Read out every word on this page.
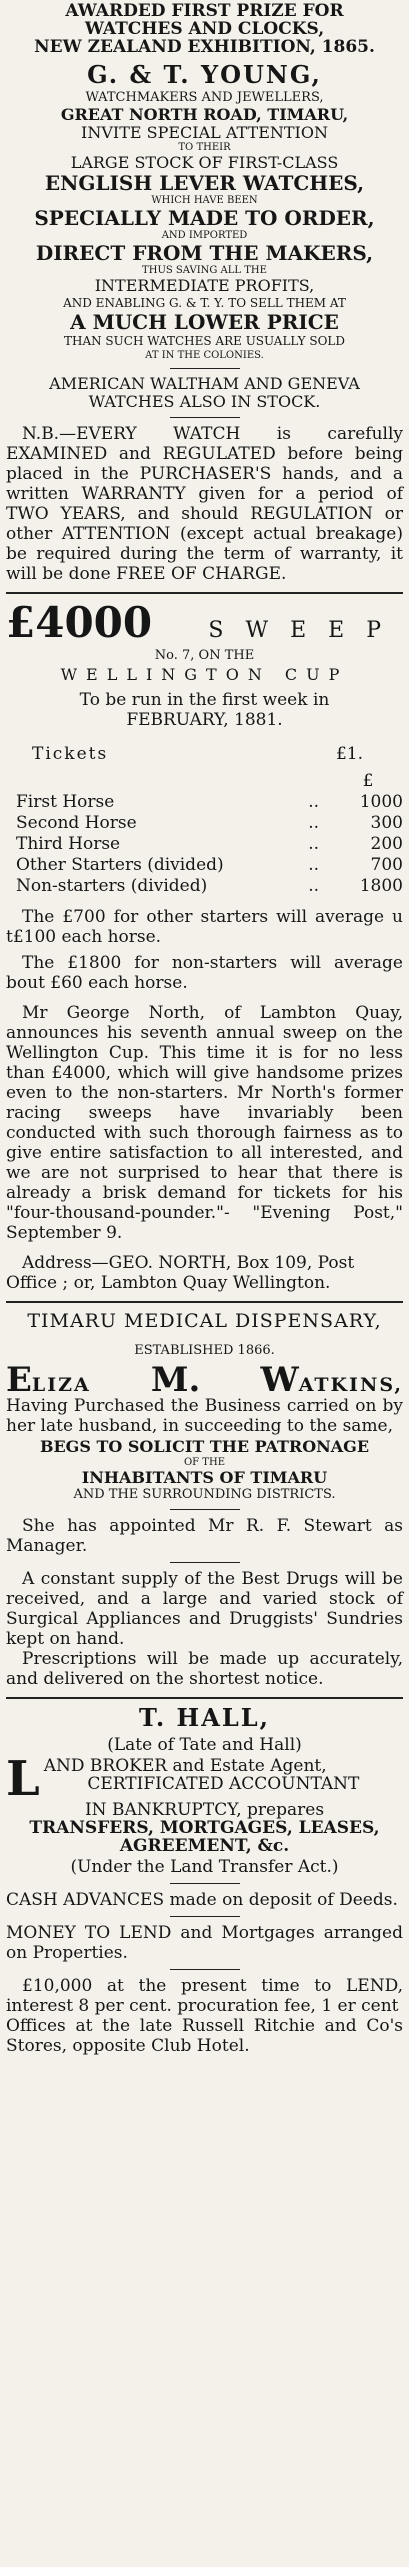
AWARDED FIRST PRIZE FOR
WATCHES AND CLOCKS,
NEW ZEALAND EXHIBITION, 1865.
G. & T. YOUNG,
WATCHMAKERS AND JEWELLERS,
GREAT NORTH ROAD, TIMARU,
INVITE SPECIAL ATTENTION
TO THEIR
LARGE STOCK OF FIRST-CLASS
ENGLISH LEVER WATCHES,
WHICH HAVE BEEN
SPECIALLY MADE TO ORDER,
AND IMPORTED
DIRECT FROM THE MAKERS,
THUS SAVING ALL THE
INTERMEDIATE PROFITS,
AND ENABLING G. & T. Y. TO SELL THEM AT
A MUCH LOWER PRICE
THAN SUCH WATCHES ARE USUALLY SOLD
AT IN THE COLONIES.
AMERICAN WALTHAM AND GENEVA
WATCHES ALSO IN STOCK.

N.B.—EVERY WATCH is carefully EXAMINED and REGULATED before being placed in the PURCHASER'S hands, and a written WARRANTY given for a period of TWO YEARS, and should REGULATION or other ATTENTION (except actual breakage) be required during the term of warranty, it will be done FREE OF CHARGE.

£4000	SWEEP
No. 7, ON THE
WELLINGTON CUP
To be run in the first week in
FEBRUARY, 1881.
Tickets	£1.
£
First Horse	..	1000
Second Horse	..	300
Third Horse	..	200
Other Starters (divided)	..	700
Non-starters (divided)	..	1800

The £700 for other starters will average u t£100 each horse.

The £1800 for non-starters will average bout £60 each horse.

Mr George North, of Lambton Quay, announces his seventh annual sweep on the Wellington Cup. This time it is for no less than £4000, which will give handsome prizes even to the non-starters. Mr North's former racing sweeps have invariably been conducted with such thorough fairness as to give entire satisfaction to all interested, and we are not surprised to hear that there is already a brisk demand for tickets for his "four-thousand-pounder."- "Evening Post," September 9.

Address—GEO. NORTH, Box 109, Post

Office ; or, Lambton Quay Wellington.

TIMARU MEDICAL DISPENSARY,
ESTABLISHED 1866.
ELIZA M. WATKINS,

Having Purchased the Business carried on by her late husband, in succeeding to the same,

BEGS TO SOLICIT THE PATRONAGE
OF THE
INHABITANTS OF TIMARU
AND THE SURROUNDING DISTRICTS.

She has appointed Mr R. F. Stewart as Manager.

A constant supply of the Best Drugs will be received, and a large and varied stock of Surgical Appliances and Druggists' Sundries kept on hand.

Prescriptions will be made up accurately, and delivered on the shortest notice.

T. HALL,
(Late of Tate and Hall)
L AND BROKER and Estate Agent,
CERTIFICATED ACCOUNTANT
IN BANKRUPTCY, prepares
TRANSFERS, MORTGAGES, LEASES,
AGREEMENT, &c.
(Under the Land Transfer Act.)

CASH ADVANCES made on deposit of Deeds.

MONEY TO LEND and Mortgages arranged on Properties.

£10,000 at the present time to LEND, interest 8 per cent. procuration fee, 1 er cent

Offices at the late Russell Ritchie and Co's Stores, opposite Club Hotel.
